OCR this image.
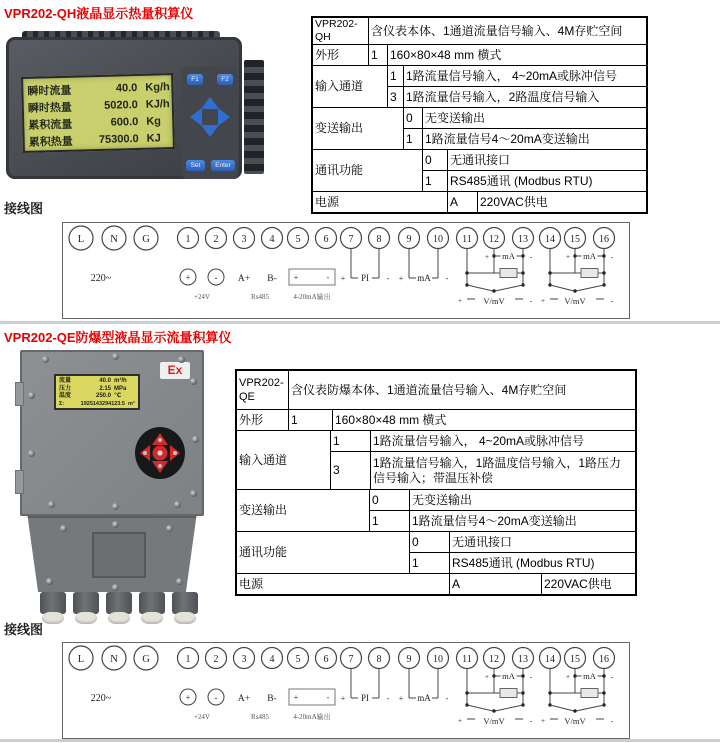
VPR202-QH液晶显示热量积算仪
瞬时流量	40.0 Kg/h
瞬时热量	5020.0 KJ/h
累积流量	600.0 Kg
累积热量	75300.0 KJ
F1	F2
Set	Enter
VPR202-QH	含仪表本体、1通道流量信号输入、4M存贮空间
外形	1	160×80×48 mm 横式
输入通道
1 1路流量信号输入， 4~20mA或脉冲信号
3 1路流量信号输入，2路温度信号输入
变送输出
0	无变送输出
1	1路流量信号4～20mA变送输出
通讯功能
0	无通讯接口
1	RS485通讯 (Modbus RTU)
电源	A	220VAC供电
接线图
L N G	1 2 3 4 5 6 7 8	9 10 11 12 13 14 15 16
220~	+	- A+ B- +	- + PI - + mA -
+24V	Rs485	4-20mA输出
+ mA -
+	V/mV	-
+ mA -
+ V/mV	-
VPR202-QE防爆型液晶显示流量积算仪
Ex
流量	40.0 m³/h
压力	2.15 MPa
温度	250.0 ℃
Σ:	1925143294123.5 m³
VPR202-QE
含仪表防爆本体、1通道流量信号输入、4M存贮空间
外形	1	160×80×48 mm 横式
输入通道
1	1路流量信号输入， 4~20mA或脉冲信号
3
1路流量信号输入，1路温度信号输入，1路压力信号输入；带温压补偿
变送输出
0	无变送输出
1	1路流量信号4～20mA变送输出
通讯功能
0	无通讯接口
1	RS485通讯 (Modbus RTU)
电源	A	220VAC供电
接线图
L N G	1 2 3 4 5 6 7 8	9 10 11 12 13 14 15 16
220~	+	- A+ B- +	- + PI - + mA -
+24V	Rs485	4-20mA输出
+ mA -
+	V/mV	-
+ mA -
+ V/mV	-
